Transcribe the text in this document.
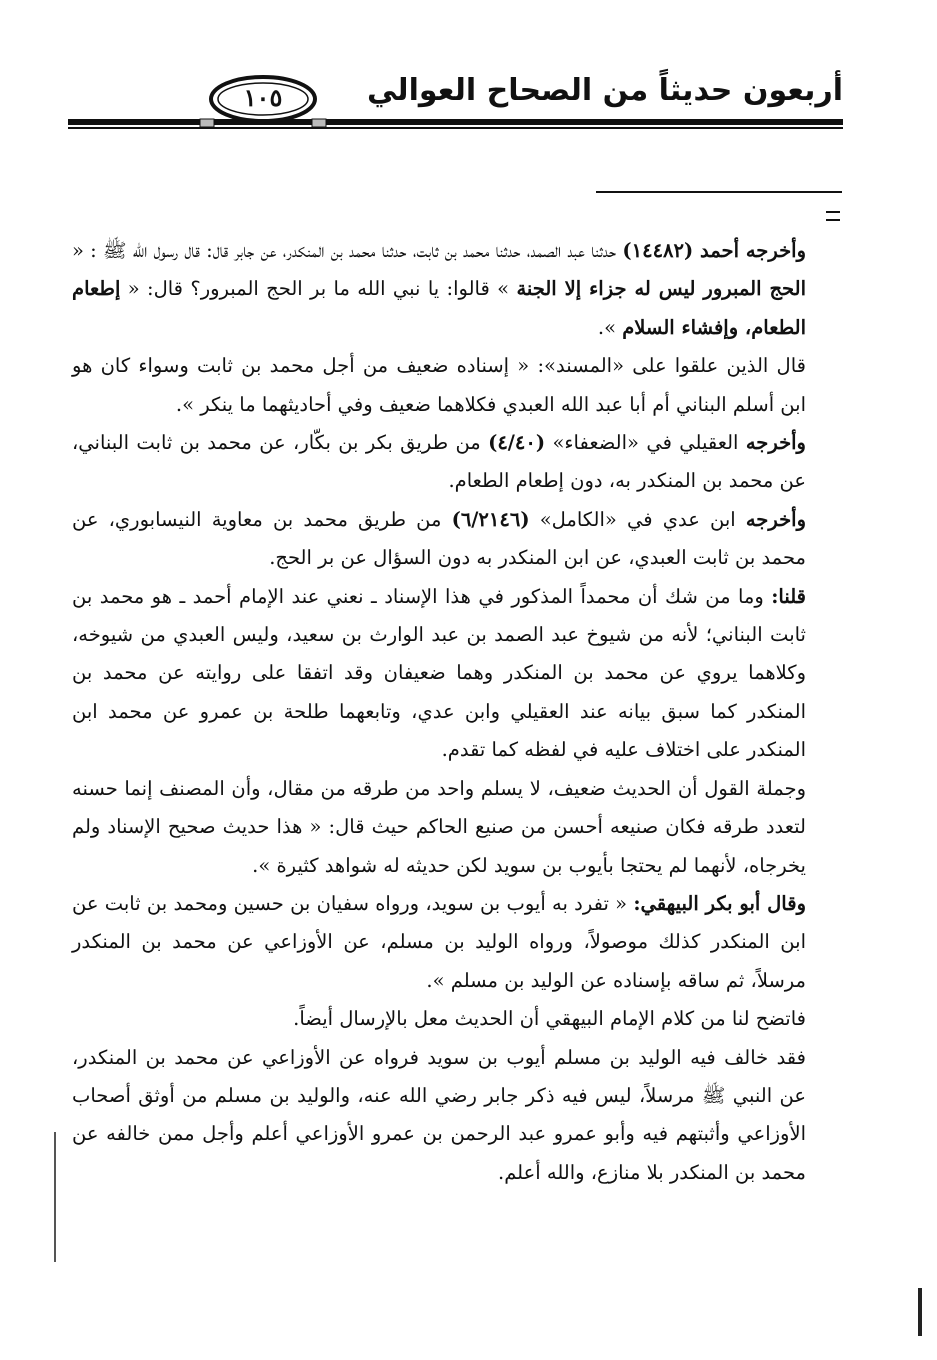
أربعون حديثاً من الصحاح العوالي
١٠٥

وأخرجه أحمد (١٤٤٨٢) حدثنا عبد الصمد، حدثنا محمد بن ثابت، حدثنا محمد بن المنكدر، عن جابر قال: قال رسول الله ﷺ : « الحج المبرور ليس له جزاء إلا الجنة » قالوا: يا نبي الله ما بر الحج المبرور؟ قال: « إطعام الطعام، وإفشاء السلام ».

قال الذين علقوا على «المسند»: « إسناده ضعيف من أجل محمد بن ثابت وسواء كان هو ابن أسلم البناني أم أبا عبد الله العبدي فكلاهما ضعيف وفي أحاديثهما ما ينكر ».

وأخرجه العقيلي في «الضعفاء» (٤/٤٠) من طريق بكر بن بكّار، عن محمد بن ثابت البناني، عن محمد بن المنكدر به، دون إطعام الطعام.

وأخرجه ابن عدي في «الكامل» (٦/٢١٤٦) من طريق محمد بن معاوية النيسابوري، عن محمد بن ثابت العبدي، عن ابن المنكدر به دون السؤال عن بر الحج.

قلنا: وما من شك أن محمداً المذكور في هذا الإسناد ـ نعني عند الإمام أحمد ـ هو محمد بن ثابت البناني؛ لأنه من شيوخ عبد الصمد بن عبد الوارث بن سعيد، وليس العبدي من شيوخه، وكلاهما يروي عن محمد بن المنكدر وهما ضعيفان وقد اتفقا على روايته عن محمد بن المنكدر كما سبق بيانه عند العقيلي وابن عدي، وتابعهما طلحة بن عمرو عن محمد ابن المنكدر على اختلاف عليه في لفظه كما تقدم.

وجملة القول أن الحديث ضعيف، لا يسلم واحد من طرقه من مقال، وأن المصنف إنما حسنه لتعدد طرقه فكان صنيعه أحسن من صنيع الحاكم حيث قال: « هذا حديث صحيح الإسناد ولم يخرجاه، لأنهما لم يحتجا بأيوب بن سويد لكن حديثه له شواهد كثيرة ».

وقال أبو بكر البيهقي: « تفرد به أيوب بن سويد، ورواه سفيان بن حسين ومحمد بن ثابت عن ابن المنكدر كذلك موصولاً، ورواه الوليد بن مسلم، عن الأوزاعي عن محمد بن المنكدر مرسلاً، ثم ساقه بإسناده عن الوليد بن مسلم ».

فاتضح لنا من كلام الإمام البيهقي أن الحديث معل بالإرسال أيضاً.

فقد خالف فيه الوليد بن مسلم أيوب بن سويد فرواه عن الأوزاعي عن محمد بن المنكدر، عن النبي ﷺ مرسلاً، ليس فيه ذكر جابر رضي الله عنه، والوليد بن مسلم من أوثق أصحاب الأوزاعي وأثبتهم فيه وأبو عمرو عبد الرحمن بن عمرو الأوزاعي أعلم وأجل ممن خالفه عن محمد بن المنكدر بلا منازع، والله أعلم.
